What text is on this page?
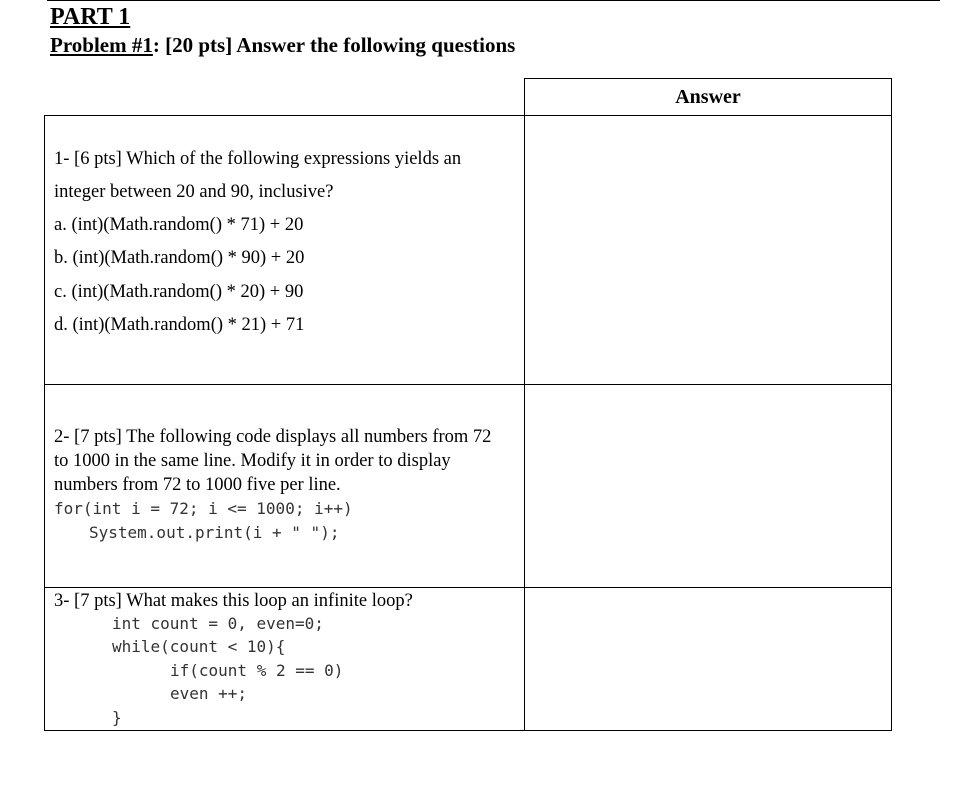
PART 1
Problem #1: [20 pts] Answer the following questions
Answer
1- [6 pts] Which of the following expressions yields an
integer between 20 and 90, inclusive?
a. (int)(Math.random() * 71) + 20
b. (int)(Math.random() * 90) + 20
c. (int)(Math.random() * 20) + 90
d. (int)(Math.random() * 21) + 71
2- [7 pts] The following code displays all numbers from 72
to 1000 in the same line. Modify it in order to display
numbers from 72 to 1000 five per line.
for(int i = 72; i <= 1000; i++)
System.out.print(i + " ");
3- [7 pts] What makes this loop an infinite loop?
int count = 0, even=0;
while(count < 10){
if(count % 2 == 0)
even ++;
}
